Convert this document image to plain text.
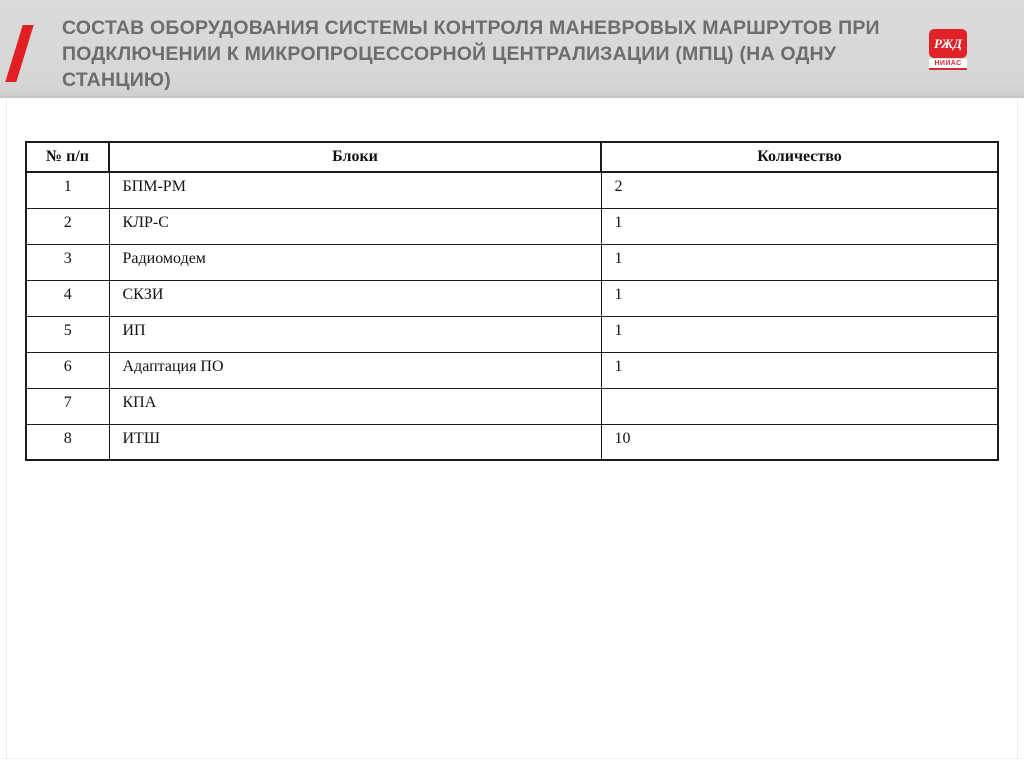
СОСТАВ ОБОРУДОВАНИЯ СИСТЕМЫ КОНТРОЛЯ МАНЕВРОВЫХ МАРШРУТОВ ПРИ
ПОДКЛЮЧЕНИИ К МИКРОПРОЦЕССОРНОЙ ЦЕНТРАЛИЗАЦИИ (МПЦ) (НА ОДНУ
СТАНЦИЮ)
РЖД
НИИАС
№ п/п	Блоки	Количество
1	БПМ-РМ	2
2	КЛР-С	1
3	Радиомодем	1
4	СКЗИ	1
5	ИП	1
6	Адаптация ПО	1
7	КПА	
8	ИТШ	10
